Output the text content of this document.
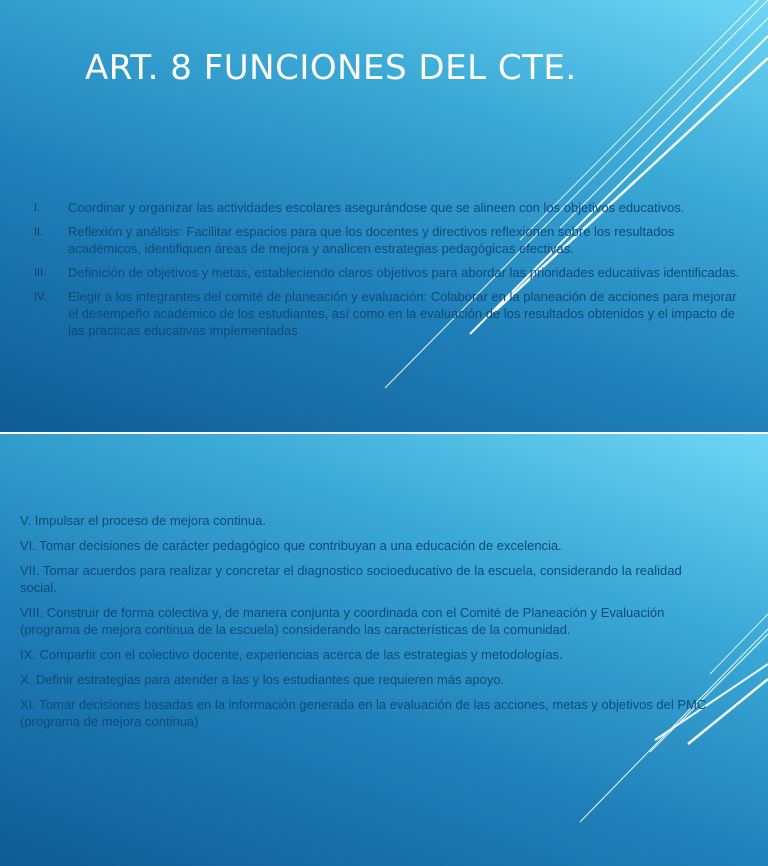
ART. 8 FUNCIONES DEL CTE.
I. Coordinar y organizar las actividades escolares asegurándose que se alineen con los objetivos educativos.
II. Reflexión y análisis: Facilitar espacios para que los docentes y directivos reflexionen sobre los resultados académicos, identifiquen áreas de mejora y analicen estrategias pedagógicas efectivas.
III. Definición de objetivos y metas, estableciendo claros objetivos para abordar las prioridades educativas identificadas.
IV. Elegir a los integrantes del comité de planeación y evaluación: Colaborar en la planeación de acciones para mejorar el desempeño académico de los estudiantes, así como en la evaluación de los resultados obtenidos y el impacto de las prácticas educativas implementadas
V. Impulsar el proceso de mejora continua.
VI. Tomar decisiones de carácter pedagógico que contribuyan a una educación de excelencia.
VII. Tomar acuerdos para realizar y concretar el diagnostico socioeducativo de la escuela, considerando la realidad social.
VIII. Construir de forma colectiva y, de manera conjunta y coordinada con el Comité de Planeación y Evaluación (programa de mejora continua de la escuela) considerando las características de la comunidad.
IX. Compartir con el colectivo docente, experiencias acerca de las estrategias y metodologías.
X. Definir estrategias para atender a las y los estudiantes que requieren más apoyo.
XI. Tomar decisiones basadas en la información generada en la evaluación de las acciones, metas y objetivos del PMC (programa de mejora continua)
